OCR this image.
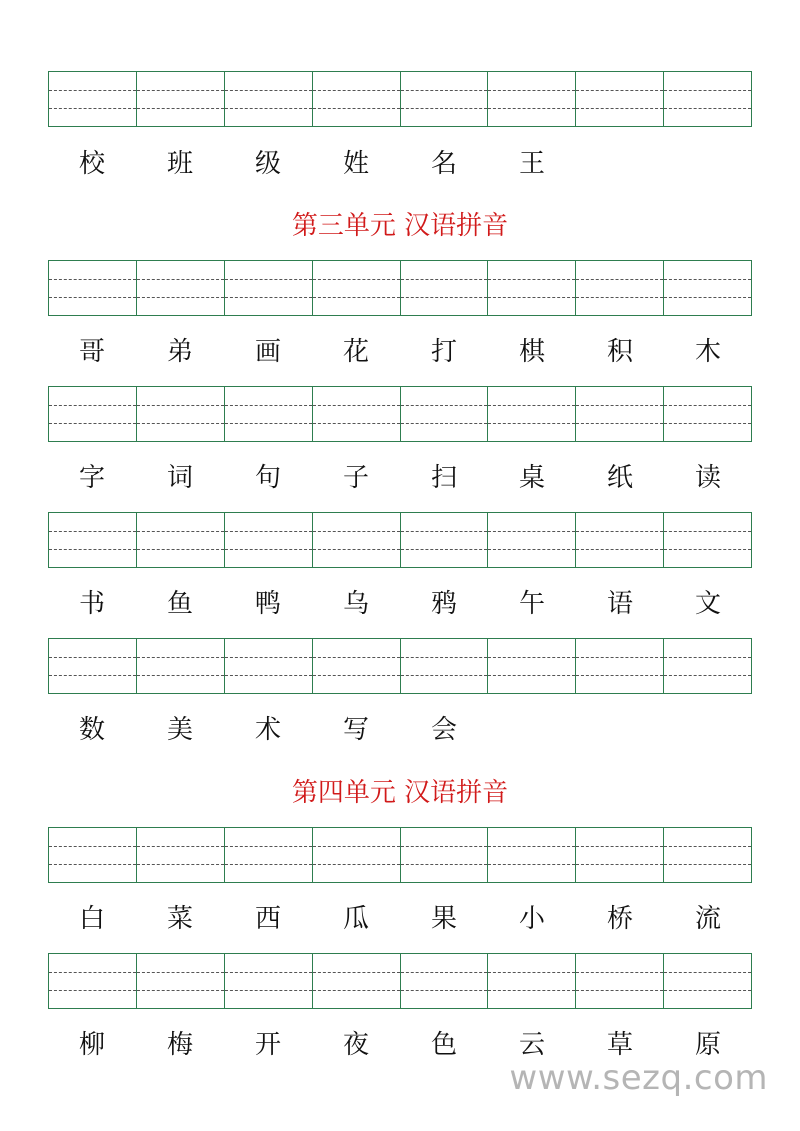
校	班	级	姓	名	王
第三单元 汉语拼音
哥	弟	画	花	打	棋	积	木
字	词	句	子	扫	桌	纸	读
书	鱼	鸭	乌	鸦	午	语	文
数	美	术	写	会
第四单元 汉语拼音
白	菜	西	瓜	果	小	桥	流
柳	梅	开	夜	色	云	草	原
www.sezq.com
